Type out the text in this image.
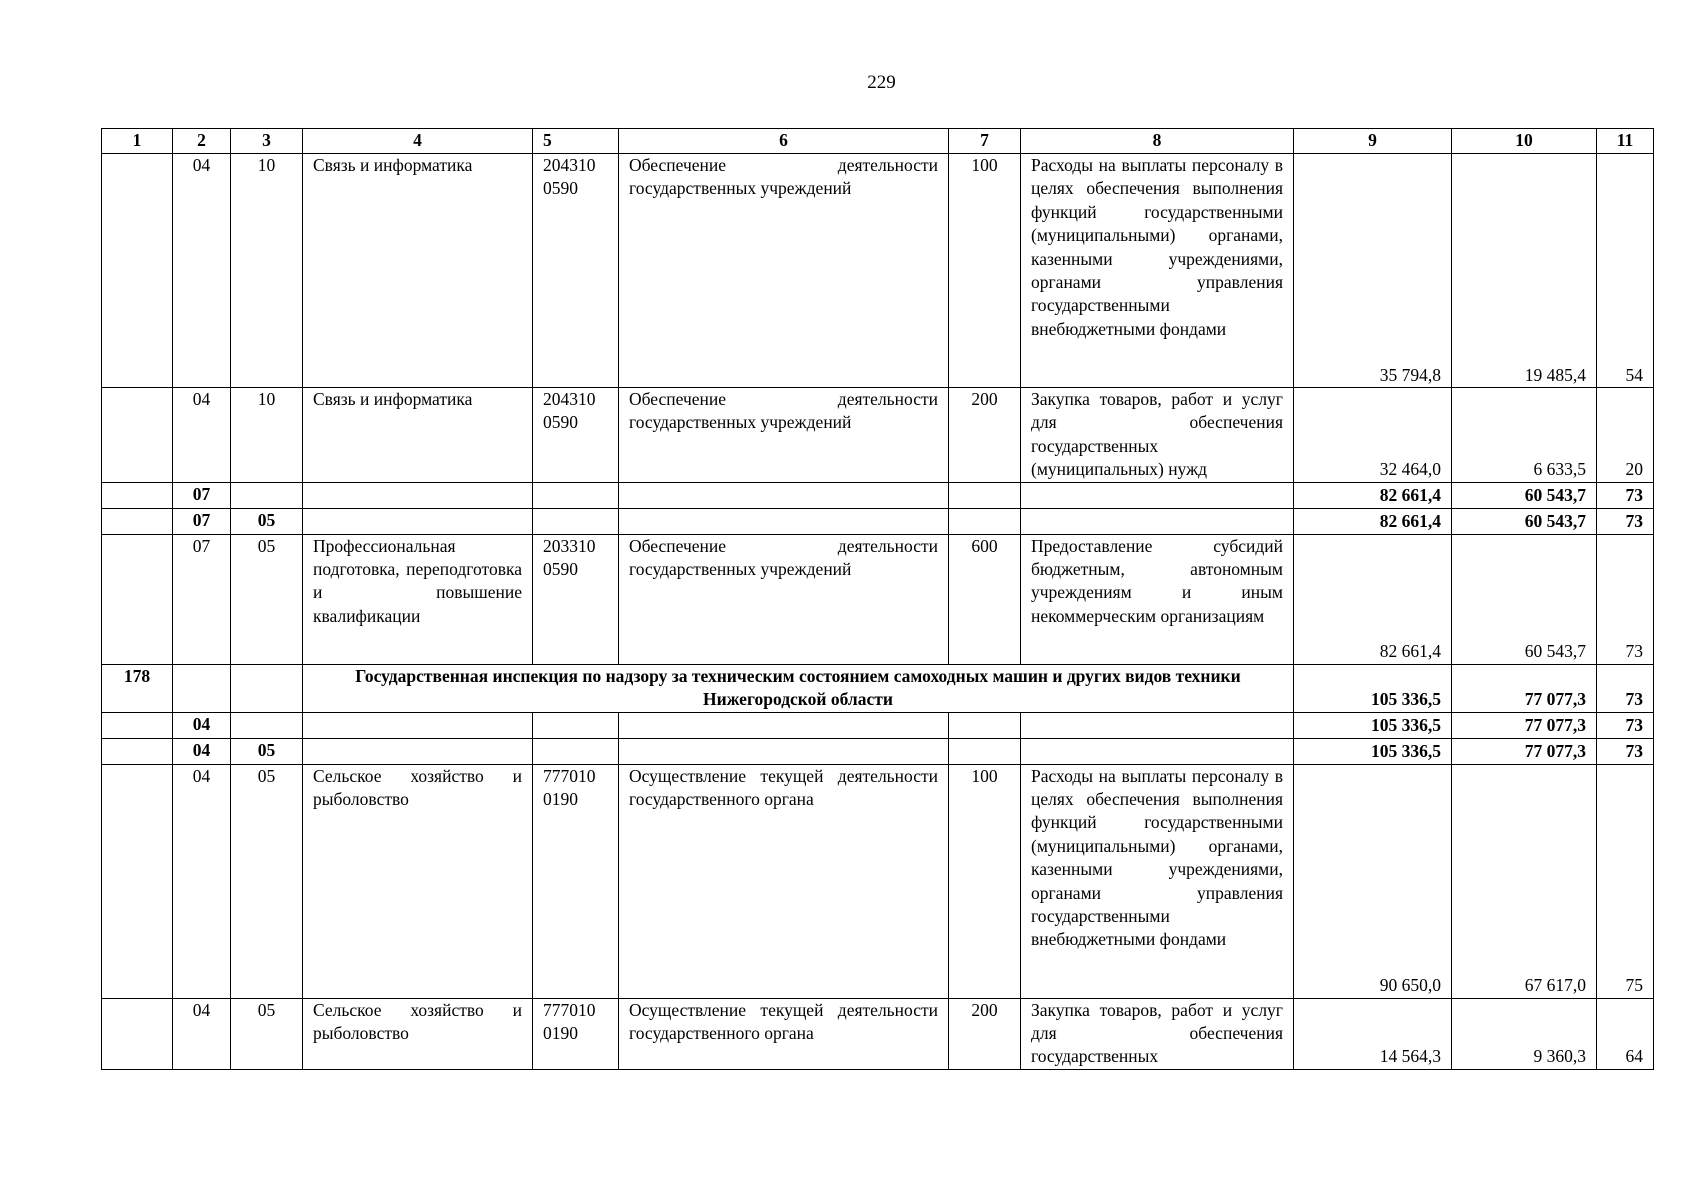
229
1	2	3	4	5	6	7	8	9	10	11
	04	10	Связь и информатика	204310 0590	Обеспечение деятельности государственных учреждений	100	Расходы на выплаты персоналу в целях обеспечения выполнения функций государственными (муниципальными) органами, казенными учреждениями, органами управления государственными внебюджетными фондами	35 794,8	19 485,4	54
	04	10	Связь и информатика	204310 0590	Обеспечение деятельности государственных учреждений	200	Закупка товаров, работ и услуг для обеспечения государственных (муниципальных) нужд	32 464,0	6 633,5	20
	07							82 661,4	60 543,7	73
	07	05						82 661,4	60 543,7	73
	07	05	Профессиональная подготовка, переподготовка и повышение квалификации	203310 0590	Обеспечение деятельности государственных учреждений	600	Предоставление субсидий бюджетным, автономным учреждениям и иным некоммерческим организациям	82 661,4	60 543,7	73
178			Государственная инспекция по надзору за техническим состоянием самоходных машин и других видов техники Нижегородской области					105 336,5	77 077,3	73
	04							105 336,5	77 077,3	73
	04	05						105 336,5	77 077,3	73
	04	05	Сельское хозяйство и рыболовство	777010 0190	Осуществление текущей деятельности государственного органа	100	Расходы на выплаты персоналу в целях обеспечения выполнения функций государственными (муниципальными) органами, казенными учреждениями, органами управления государственными внебюджетными фондами	90 650,0	67 617,0	75
	04	05	Сельское хозяйство и рыболовство	777010 0190	Осуществление текущей деятельности государственного органа	200	Закупка товаров, работ и услуг для обеспечения государственных	14 564,3	9 360,3	64
